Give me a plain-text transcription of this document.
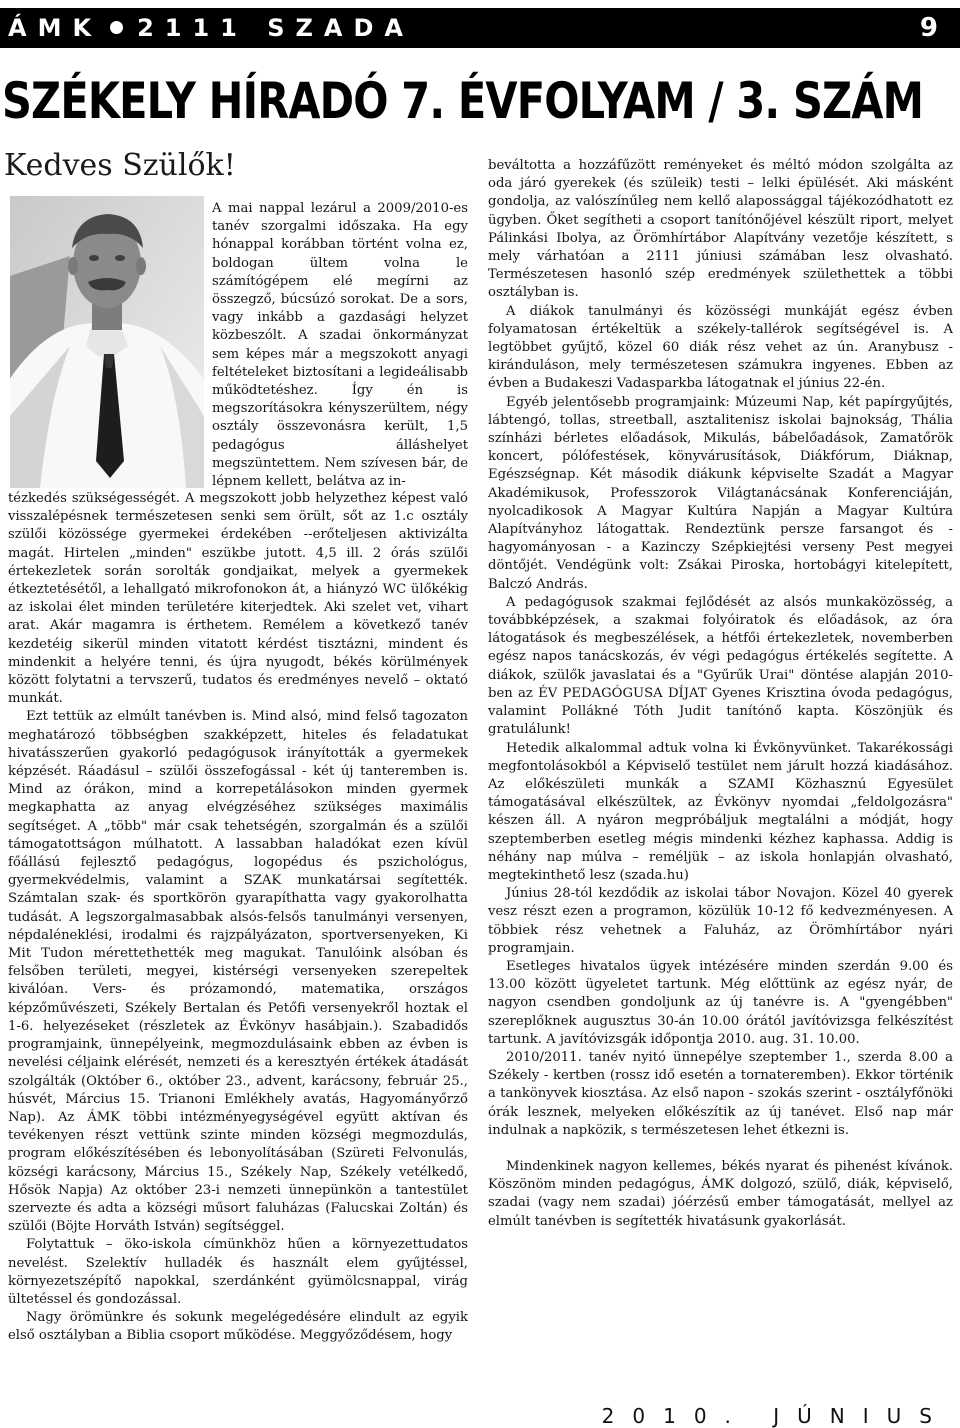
ÁMK 2111 SZADA	9
SZÉKELY HÍRADÓ 7. ÉVFOLYAM / 3. SZÁM
Kedves Szülők!

A mai nappal lezárul a 2009/2010-es tanév szorgalmi időszaka. Ha egy hónappal korábban történt volna ez, boldogan ültem volna le számítógépem elé megírni az összegző, búcsúzó sorokat. De a sors, vagy inkább a gazdasági helyzet közbeszólt. A szadai önkormányzat sem képes már a megszokott anyagi feltételeket biztosítani a legideálisabb működtetéshez. Így én is megszorításokra kényszerültem, négy osztály összevonásra került, 1,5 pedagógus álláshelyet megszüntettem. Nem szívesen bár, de lépnem kellett, belátva az in-

tézkedés szükségességét. A megszokott jobb helyzethez képest való visszalépésnek természetesen senki sem örült, sőt az 1.c osztály szülői közössége gyermekei érdekében --erőteljesen aktivizálta magát. Hirtelen „minden" eszükbe jutott. 4,5 ill. 2 órás szülői értekezletek során sorolták gondjaikat, melyek a gyermekek étkeztetésétől, a lehallgató mikrofonokon át, a hiányzó WC ülőkékig az iskolai élet minden területére kiterjedtek. Aki szelet vet, vihart arat. Akár magamra is érthetem. Remélem a következő tanév kezdetéig sikerül minden vitatott kérdést tisztázni, mindent és mindenkit a helyére tenni, és újra nyugodt, békés körülmények között folytatni a tervszerű, tudatos és eredményes nevelő – oktató munkát.

Ezt tettük az elmúlt tanévben is. Mind alsó, mind felső tagozaton meghatározó többségben szakképzett, hiteles és feladatukat hivatásszerűen gyakorló pedagógusok irányították a gyermekek képzését. Ráadásul – szülői összefogással - két új tanteremben is. Mind az órákon, mind a korrepetálásokon minden gyermek megkaphatta az anyag elvégzéséhez szükséges maximális segítséget. A „több" már csak tehetségén, szorgalmán és a szülői támogatottságon múlhatott. A lassabban haladókat ezen kívül főállású fejlesztő pedagógus, logopédus és pszichológus, gyermekvédelmis, valamint a SZAK munkatársai segítették. Számtalan szak- és sportkörön gyarapíthatta vagy gyakorolhatta tudását. A legszorgalmasabbak alsós-felsős tanulmányi versenyen, népdaléneklési, irodalmi és rajzpályázaton, sportversenyeken, Ki Mit Tudon mérettethették meg magukat. Tanulóink alsóban és felsőben területi, megyei, kistérségi versenyeken szerepeltek kiválóan. Vers- és prózamondó, matematika, országos képzőművészeti, Székely Bertalan és Petőfi versenyekről hoztak el 1-6. helyezéseket (részletek az Évkönyv hasábjain.). Szabadidős programjaink, ünnepélyeink, megmozdulásaink ebben az évben is nevelési céljaink elérését, nemzeti és a keresztyén értékek átadását szolgálták (Október 6., október 23., advent, karácsony, február 25., húsvét, Március 15. Trianoni Emlékhely avatás, Hagyományőrző Nap). Az ÁMK többi intézményegységével együtt aktívan és tevékenyen részt vettünk szinte minden községi megmozdulás, program előkészítésében és lebonyolításában (Szüreti Felvonulás, községi karácsony, Március 15., Székely Nap, Székely vetélkedő, Hősök Napja) Az október 23-i nemzeti ünnepünkön a tantestület szervezte és adta a községi műsort faluházas (Falucskai Zoltán) és szülői (Böjte Horváth István) segítséggel.

Folytattuk – öko-iskola címünkhöz hűen a környezettudatos nevelést. Szelektív hulladék és használt elem gyűjtéssel, környezetszépítő napokkal, szerdánként gyümölcsnappal, virág ültetéssel és gondozással.

Nagy örömünkre és sokunk megelégedésére elindult az egyik első osztályban a Biblia csoport működése. Meggyőződésem, hogy

beváltotta a hozzáfűzött reményeket és méltó módon szolgálta az oda járó gyerekek (és szüleik) testi – lelki épülését. Aki másként gondolja, az valószínűleg nem kellő alapossággal tájékozódhatott ez ügyben. Őket segítheti a csoport tanítónőjével készült riport, melyet Pálinkási Ibolya, az Örömhírtábor Alapítvány vezetője készített, s mely várhatóan a 2111 júniusi számában lesz olvasható. Természetesen hasonló szép eredmények születhettek a többi osztályban is.

A diákok tanulmányi és közösségi munkáját egész évben folyamatosan értékeltük a székely-tallérok segítségével is. A legtöbbet gyűjtő, közel 60 diák rész vehet az ún. Aranybusz - kiránduláson, mely természetesen számukra ingyenes. Ebben az évben a Budakeszi Vadasparkba látogatnak el június 22-én.

Egyéb jelentősebb programjaink: Múzeumi Nap, két papírgyűjtés, lábtengó, tollas, streetball, asztalitenisz iskolai bajnokság, Thália színházi bérletes előadások, Mikulás, bábelőadások, Zamatőrök koncert, pólófestések, könyvárusítások, Diákfórum, Diáknap, Egészségnap. Két második diákunk képviselte Szadát a Magyar Akadémikusok, Professzorok Világtanácsának Konferenciáján, nyolcadikosok A Magyar Kultúra Napján a Magyar Kultúra Alapítványhoz látogattak. Rendeztünk persze farsangot és - hagyományosan - a Kazinczy Szépkiejtési verseny Pest megyei döntőjét. Vendégünk volt: Zsákai Piroska, hortobágyi kitelepített, Balczó András.

A pedagógusok szakmai fejlődését az alsós munkaközösség, a továbbképzések, a szakmai folyóiratok és előadások, az óra látogatások és megbeszélések, a hétfői értekezletek, novemberben egész napos tanácskozás, év végi pedagógus értékelés segítette. A diákok, szülők javaslatai és a "Gyűrűk Urai" döntése alapján 2010-ben az ÉV PEDAGÓGUSA DÍJAT Gyenes Krisztina óvoda pedagógus, valamint Pollákné Tóth Judit tanítónő kapta. Köszönjük és gratulálunk!

Hetedik alkalommal adtuk volna ki Évkönyvünket. Takarékossági megfontolásokból a Képviselő testület nem járult hozzá kiadásához. Az előkészületi munkák a SZAMI Közhasznú Egyesület támogatásával elkészültek, az Évkönyv nyomdai „feldolgozásra" készen áll. A nyáron megpróbáljuk megtalálni a módját, hogy szeptemberben esetleg mégis mindenki kézhez kaphassa. Addig is néhány nap múlva – reméljük – az iskola honlapján olvasható, megtekinthető lesz (szada.hu)

Június 28-tól kezdődik az iskolai tábor Novajon. Közel 40 gyerek vesz részt ezen a programon, közülük 10-12 fő kedvezményesen. A többiek rész vehetnek a Faluház, az Örömhírtábor nyári programjain.

Esetleges hivatalos ügyek intézésére minden szerdán 9.00 és 13.00 között ügyeletet tartunk. Még előttünk az egész nyár, de nagyon csendben gondoljunk az új tanévre is. A "gyengébben" szereplőknek augusztus 30-án 10.00 órától javítóvizsga felkészítést tartunk. A javítóvizsgák időpontja 2010. aug. 31. 10.00.

2010/2011. tanév nyitó ünnepélye szeptember 1., szerda 8.00 a Székely - kertben (rossz idő esetén a tornateremben). Ekkor történik a tankönyvek kiosztása. Az első napon - szokás szerint - osztályfőnöki órák lesznek, melyeken előkészítik az új tanévet. Első nap már indulnak a napközik, s természetesen lehet étkezni is.

Mindenkinek nagyon kellemes, békés nyarat és pihenést kívánok. Köszönöm minden pedagógus, ÁMK dolgozó, szülő, diák, képviselő, szadai (vagy nem szadai) jóérzésű ember támogatását, mellyel az elmúlt tanévben is segítették hivatásunk gyakorlását.

2010. JÚNIUS
